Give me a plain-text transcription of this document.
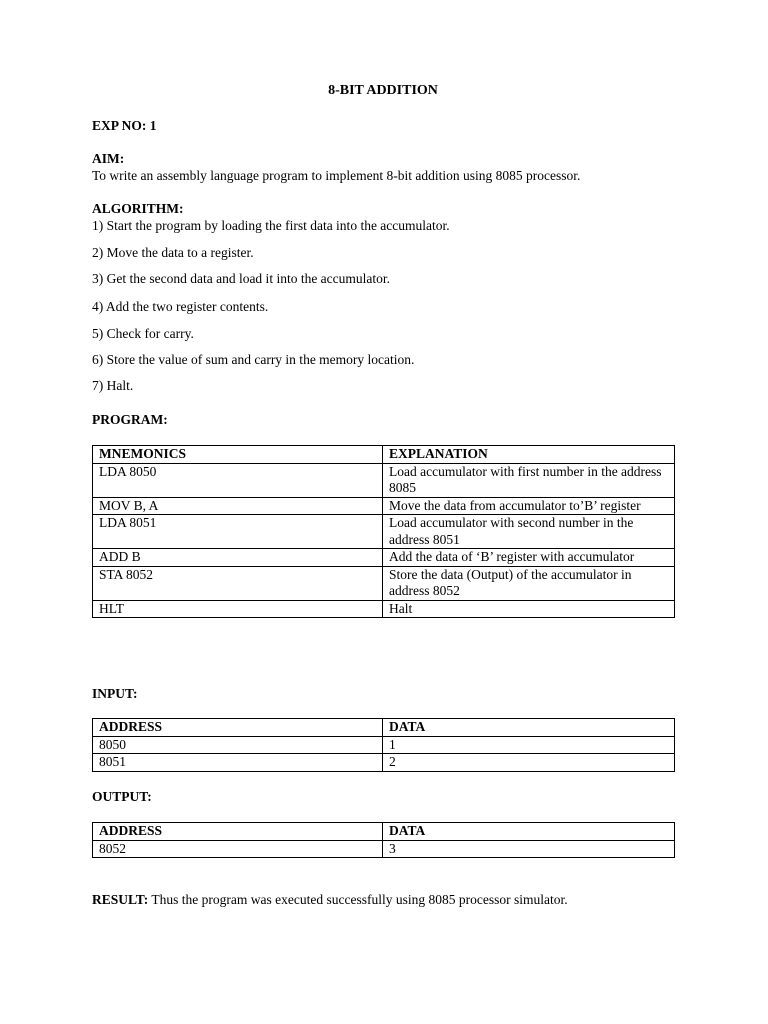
8-BIT ADDITION
EXP NO: 1
AIM:
To write an assembly language program to implement 8-bit addition using 8085 processor.
ALGORITHM:
1) Start the program by loading the first data into the accumulator.
2) Move the data to a register.
3) Get the second data and load it into the accumulator.
4) Add the two register contents.
5) Check for carry.
6) Store the value of sum and carry in the memory location.
7) Halt.
PROGRAM:
MNEMONICS	EXPLANATION
LDA 8050	Load accumulator with first number in the address 8085
MOV B, A	Move the data from accumulator to’B’ register
LDA 8051	Load accumulator with second number in the address 8051
ADD B	Add the data of ‘B’ register with accumulator
STA 8052	Store the data (Output) of the accumulator in address 8052
HLT	Halt
INPUT:
ADDRESS	DATA
8050	1
8051	2
OUTPUT:
ADDRESS	DATA
8052	3
RESULT: Thus the program was executed successfully using 8085 processor simulator.
